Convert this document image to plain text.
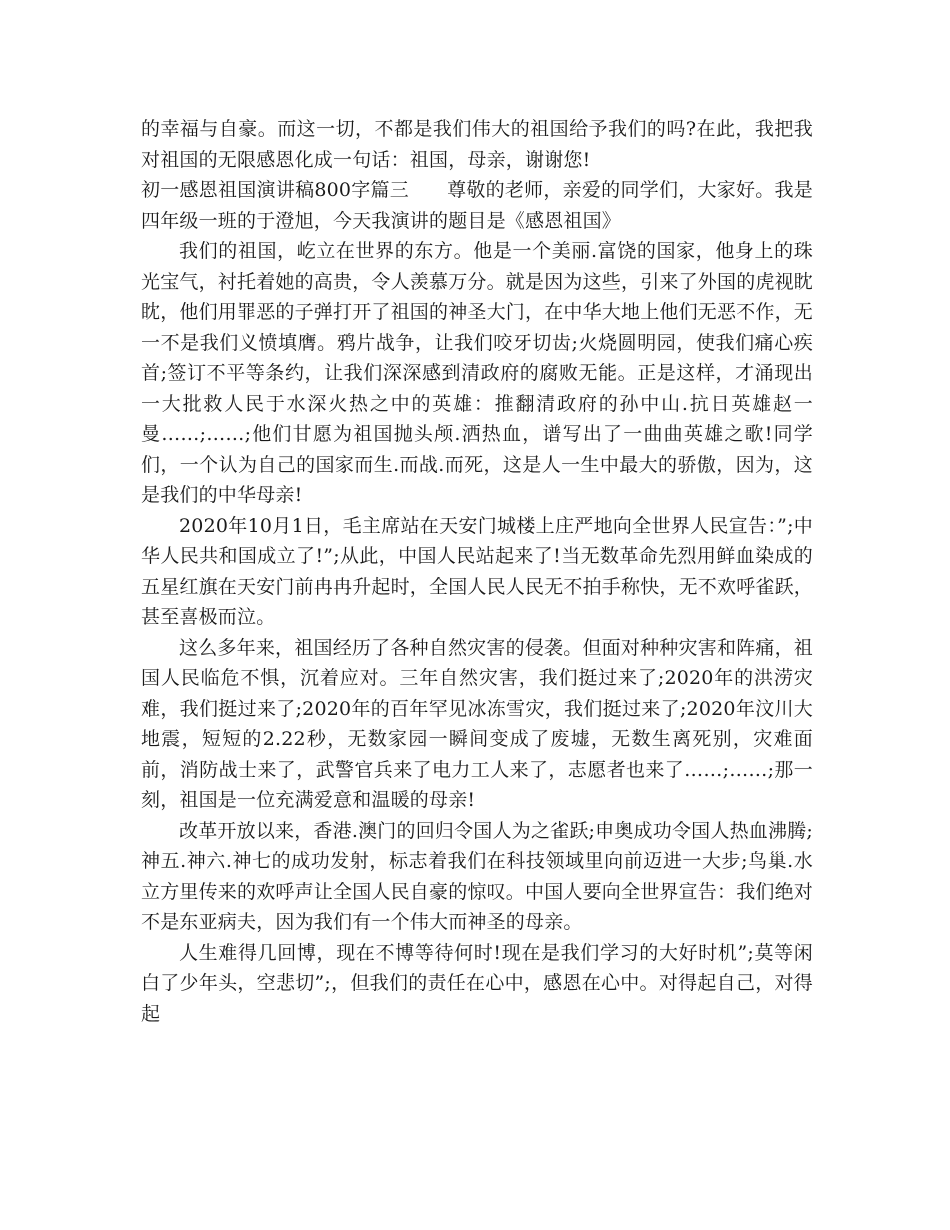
的幸福与自豪。而这一切，不都是我们伟大的祖国给予我们的吗?在此，我把我对祖国的无限感恩化成一句话：祖国，母亲，谢谢您!

初一感恩祖国演讲稿800字篇三 尊敬的老师，亲爱的同学们，大家好。我是四年级一班的于澄旭，今天我演讲的题目是《感恩祖国》

我们的祖国，屹立在世界的东方。他是一个美丽.富饶的国家，他身上的珠光宝气，衬托着她的高贵，令人羡慕万分。就是因为这些，引来了外国的虎视眈眈，他们用罪恶的子弹打开了祖国的神圣大门，在中华大地上他们无恶不作，无一不是我们义愤填膺。鸦片战争，让我们咬牙切齿;火烧圆明园，使我们痛心疾首;签订不平等条约，让我们深深感到清政府的腐败无能。正是这样，才涌现出一大批救人民于水深火热之中的英雄：推翻清政府的孙中山.抗日英雄赵一曼……;……;他们甘愿为祖国抛头颅.洒热血，谱写出了一曲曲英雄之歌!同学们，一个认为自己的国家而生.而战.而死，这是人一生中最大的骄傲，因为，这是我们的中华母亲!

2020年10月1日，毛主席站在天安门城楼上庄严地向全世界人民宣告：”;中华人民共和国成立了!”;从此，中国人民站起来了!当无数革命先烈用鲜血染成的五星红旗在天安门前冉冉升起时，全国人民人民无不拍手称快，无不欢呼雀跃，甚至喜极而泣。

这么多年来，祖国经历了各种自然灾害的侵袭。但面对种种灾害和阵痛，祖国人民临危不惧，沉着应对。三年自然灾害，我们挺过来了;2020年的洪涝灾难，我们挺过来了;2020年的百年罕见冰冻雪灾，我们挺过来了;2020年汶川大地震，短短的2.22秒，无数家园一瞬间变成了废墟，无数生离死别，灾难面前，消防战士来了，武警官兵来了电力工人来了，志愿者也来了……;……;那一刻，祖国是一位充满爱意和温暖的母亲!

改革开放以来，香港.澳门的回归令国人为之雀跃;申奥成功令国人热血沸腾;神五.神六.神七的成功发射，标志着我们在科技领域里向前迈进一大步;鸟巢.水立方里传来的欢呼声让全国人民自豪的惊叹。中国人要向全世界宣告：我们绝对不是东亚病夫，因为我们有一个伟大而神圣的母亲。

人生难得几回博，现在不博等待何时!现在是我们学习的大好时机”;莫等闲白了少年头，空悲切”;，但我们的责任在心中，感恩在心中。对得起自己，对得起
